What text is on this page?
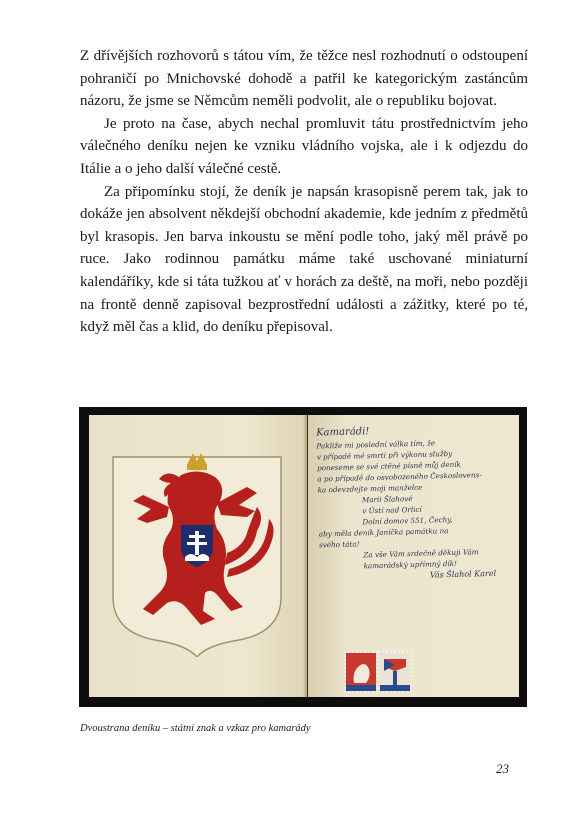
Z dřívějších rozhovorů s tátou vím, že těžce nesl rozhodnutí o odstoupení pohraničí po Mnichovské dohodě a patřil ke kategorickým zastáncům názoru, že jsme se Němcům neměli podvolit, ale o republiku bojovat.

Je proto na čase, abych nechal promluvit tátu prostřednictvím jeho válečného deníku nejen ke vzniku vládního vojska, ale i k odjezdu do Itálie a o jeho další válečné cestě.

Za připomínku stojí, že deník je napsán krasopisně perem tak, jak to dokáže jen absolvent někdejší obchodní akademie, kde jedním z předmětů byl krasopis. Jen barva inkoustu se mění podle toho, jaký měl právě po ruce. Jako rodinnou památku máme také uschované miniaturní kalendáříky, kde si táta tužkou ať v horách za deště, na moři, nebo později na frontě denně zapisoval bezprostřední události a zážitky, které po té, když měl čas a klid, do deníku přepisoval.

Kamarádi!
Pakliže mi poslední válka tím, že
v případě mé smrti při výkonu služby
poneseme se své ctěné písně můj deník
a po případě do osvobozeného Českoslovens-
ka odevzdejte moji manželce
Marii Šlahové
v Ústí nad Orlicí
Dolní domov 551, Čechy,
aby měla deník Janíčka památku na
svého táta!
Za vše Vám srdečně děkuji Vám
kamarádský upřímný dík!
Vás Šlahol Karel
Dvoustrana deníku – státní znak a vzkaz pro kamarády
23
